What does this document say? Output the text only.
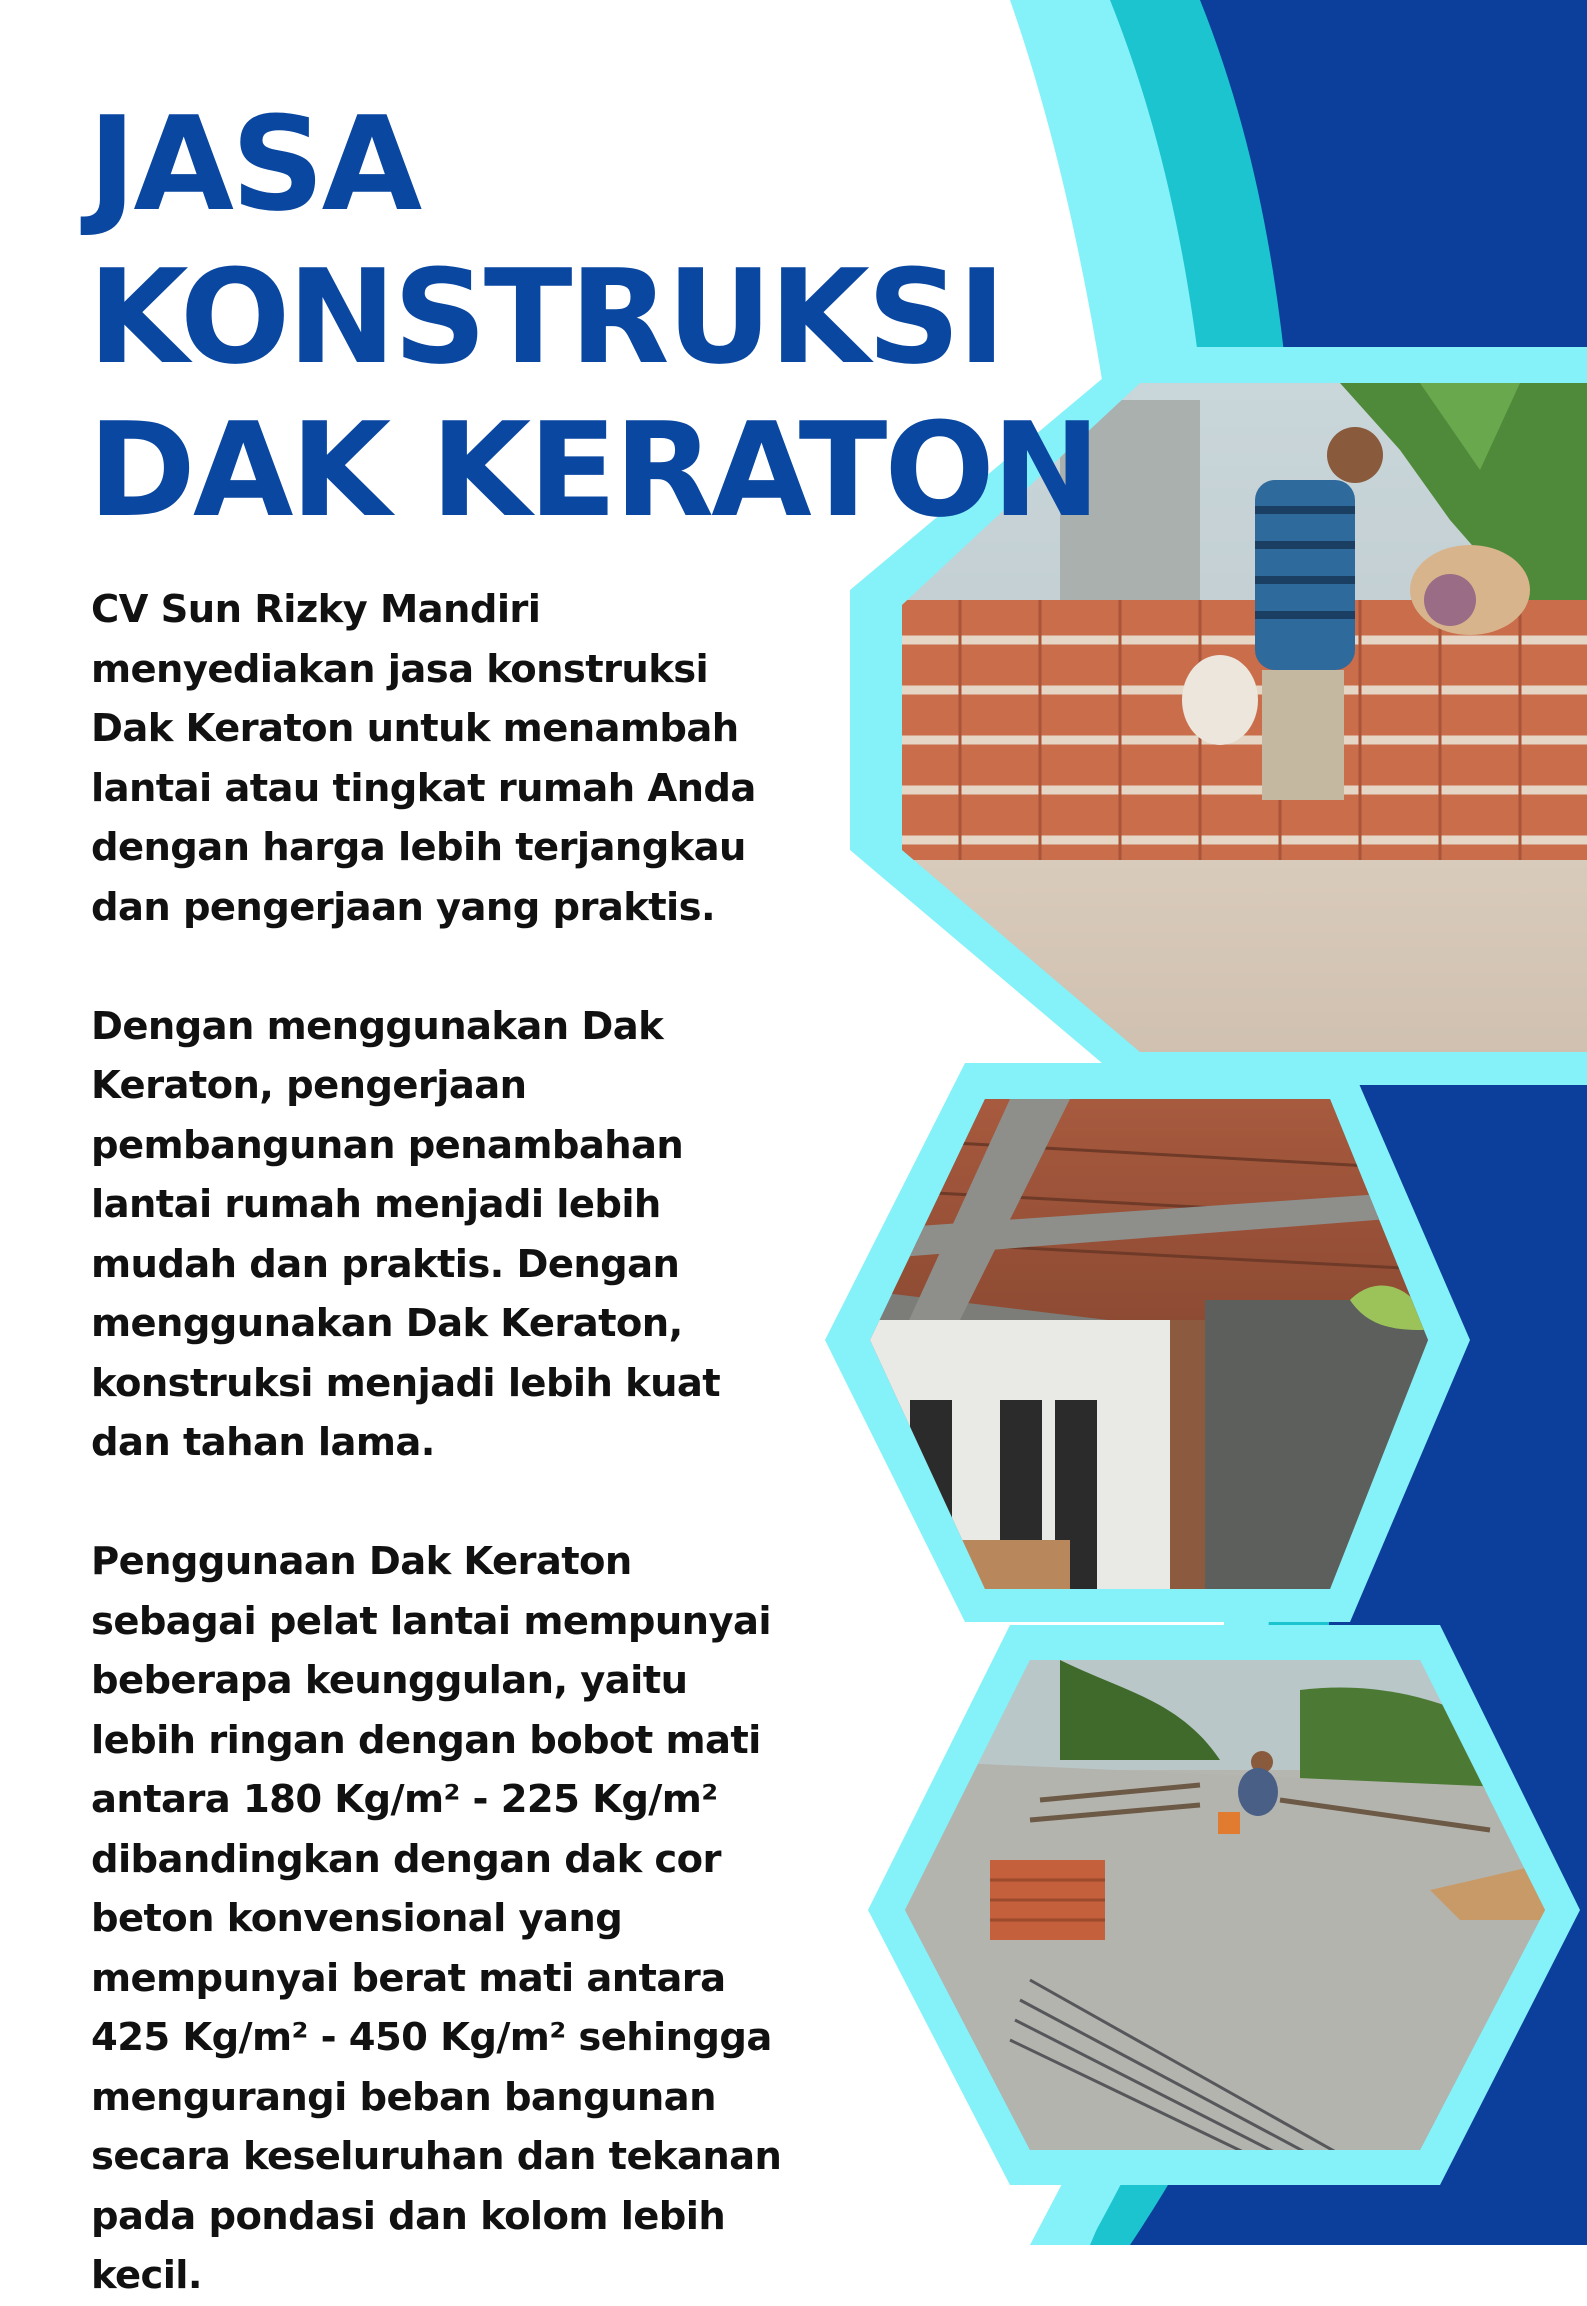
JASA
KONSTRUKSI
DAK KERATON

CV Sun Rizky Mandiri menyediakan jasa konstruksi Dak Keraton untuk menambah lantai atau tingkat rumah Anda dengan harga lebih terjangkau dan pengerjaan yang praktis.

Dengan menggunakan Dak Keraton, pengerjaan pembangunan penambahan lantai rumah menjadi lebih mudah dan praktis. Dengan menggunakan Dak Keraton, konstruksi menjadi lebih kuat dan tahan lama.

Penggunaan Dak Keraton sebagai pelat lantai mempunyai beberapa keunggulan, yaitu lebih ringan dengan bobot mati antara 180 Kg/m² - 225 Kg/m² dibandingkan dengan dak cor beton konvensional yang mempunyai berat mati antara 425 Kg/m² - 450 Kg/m² sehingga mengurangi beban bangunan secara keseluruhan dan tekanan pada pondasi dan kolom lebih kecil.
